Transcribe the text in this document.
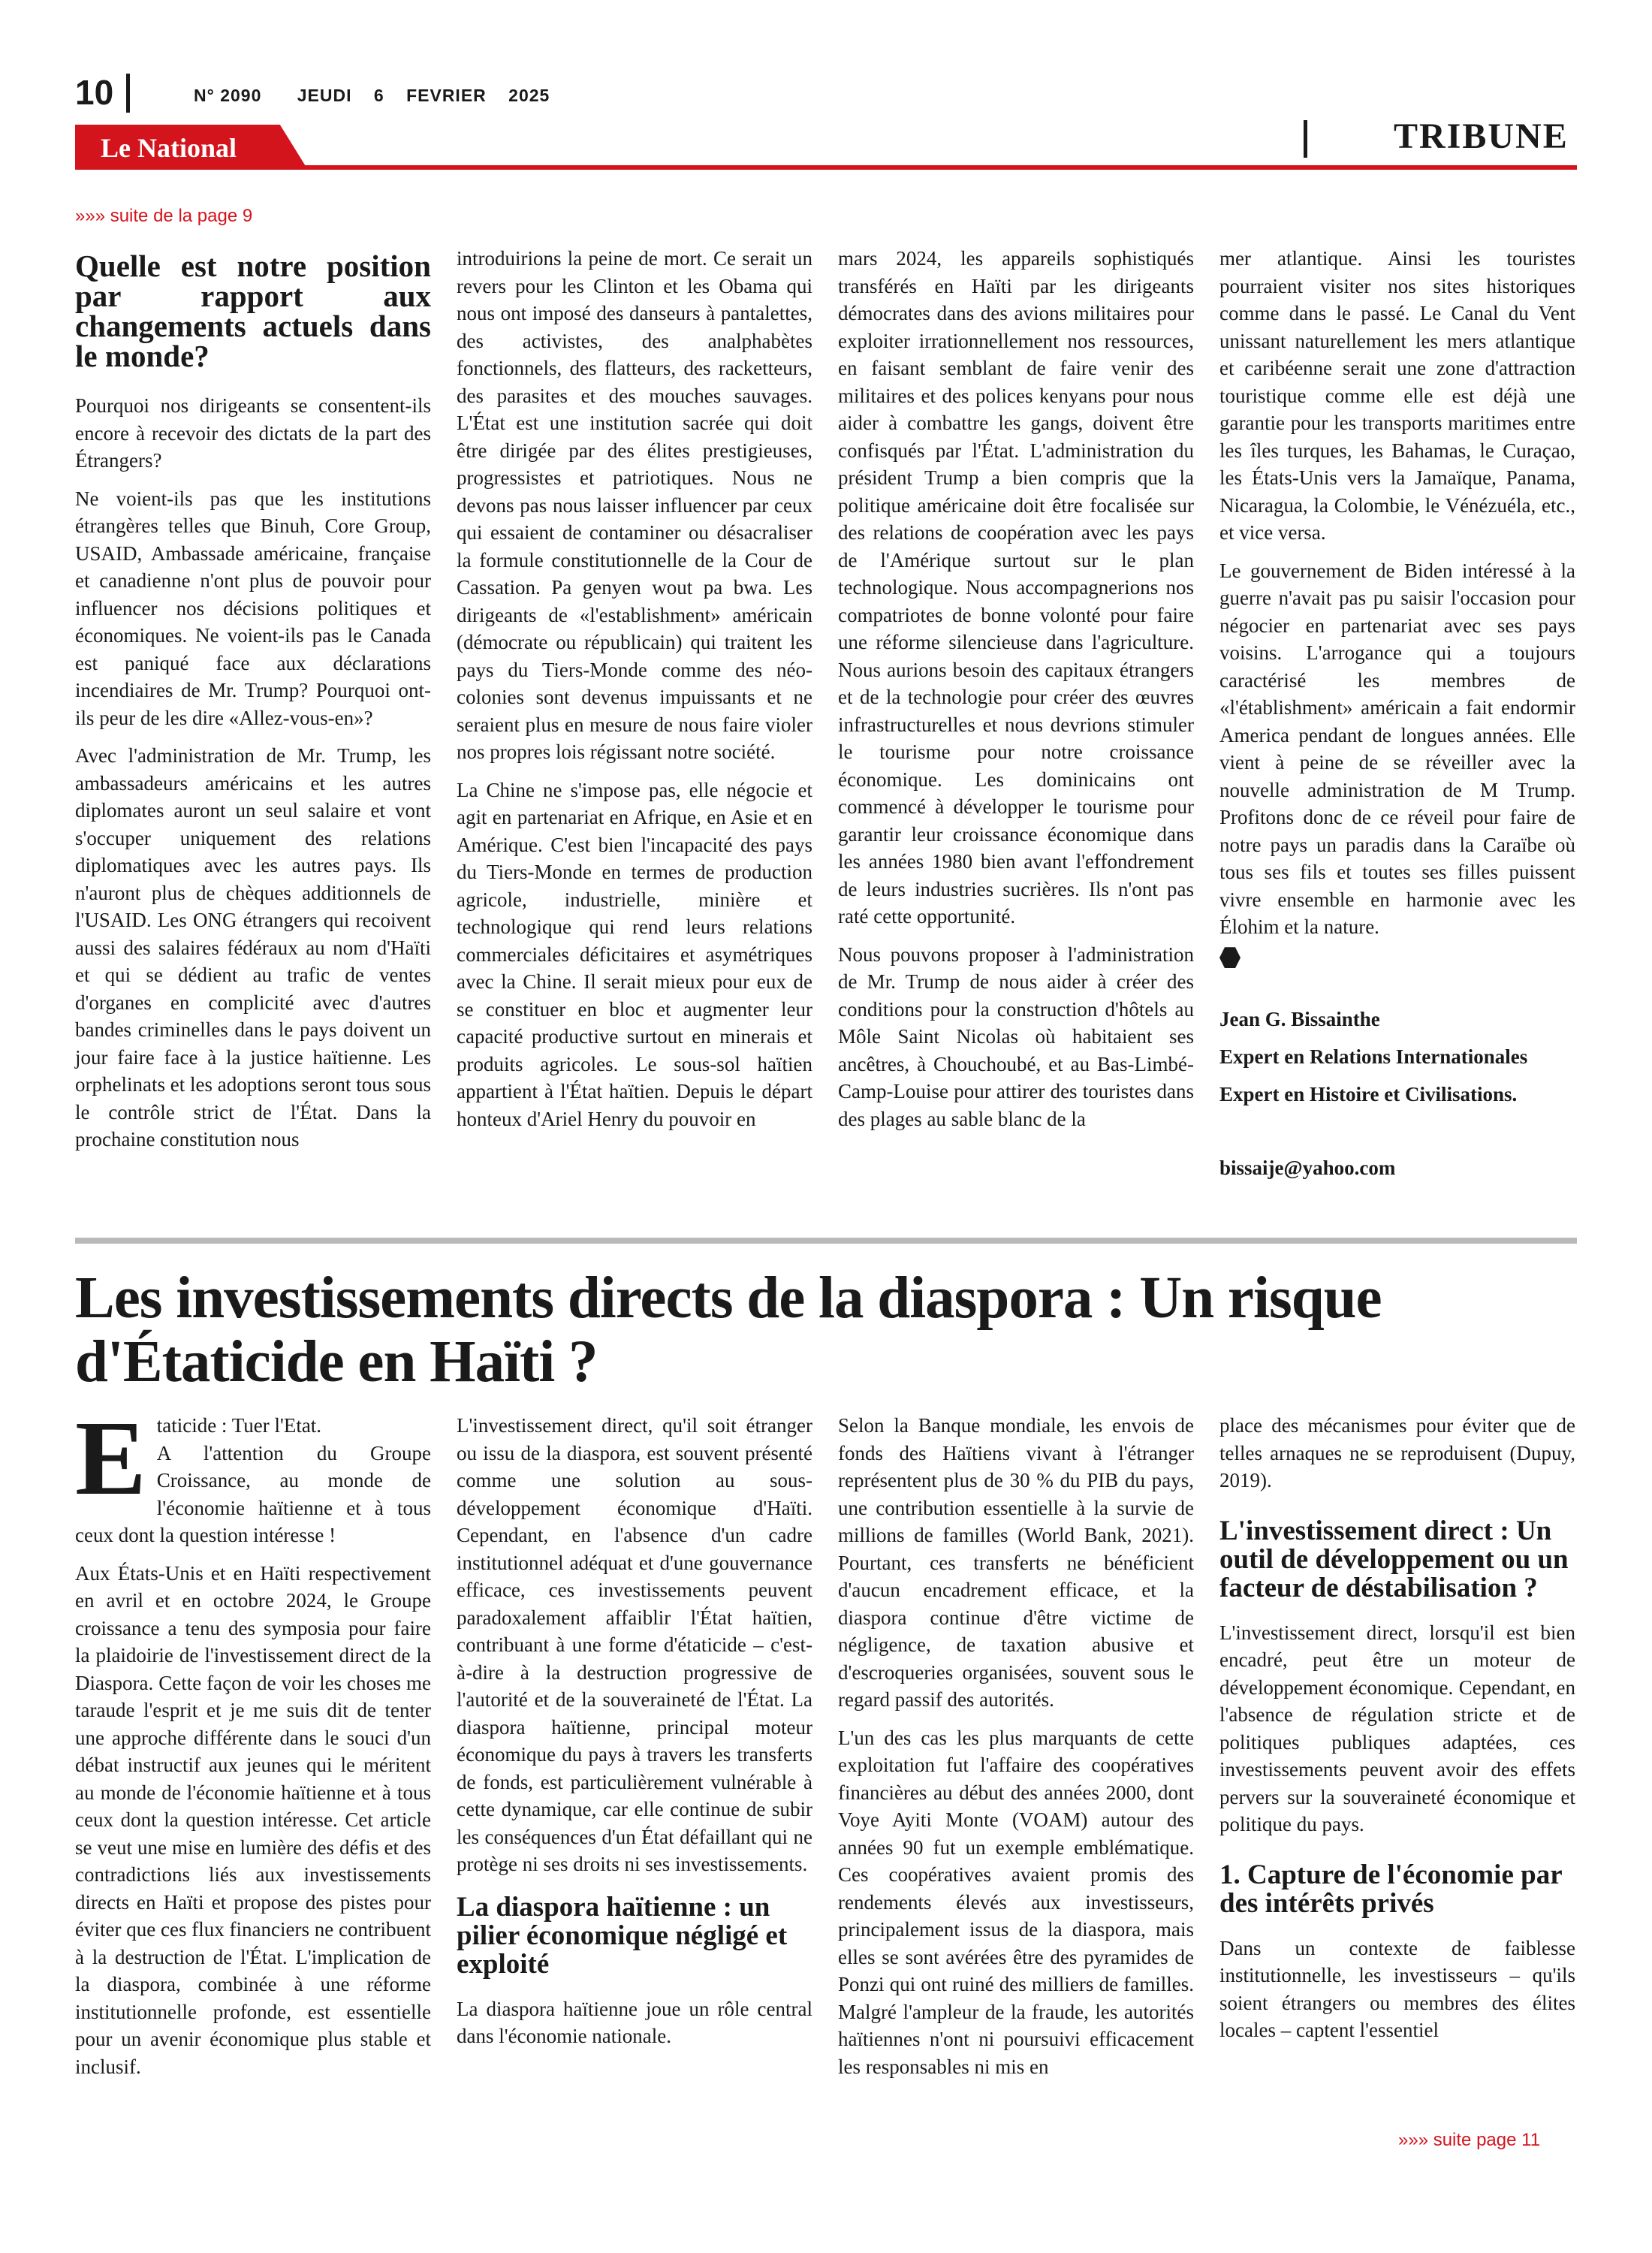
10	N° 2090 JEUDI 6 FEVRIER 2025
Le National	TRIBUNE
»»» suite de la page 9
Quelle est notre position par rapport aux changements actuels dans le monde?

Pourquoi nos dirigeants se consentent-ils encore à recevoir des dictats de la part des Étrangers?

Ne voient-ils pas que les institutions étrangères telles que Binuh, Core Group, USAID, Ambassade américaine, française et canadienne n'ont plus de pouvoir pour influencer nos décisions politiques et économiques. Ne voient-ils pas le Canada est paniqué face aux déclarations incendiaires de Mr. Trump? Pourquoi ont-ils peur de les dire «Allez-vous-en»?

Avec l'administration de Mr. Trump, les ambassadeurs américains et les autres diplomates auront un seul salaire et vont s'occuper uniquement des relations diplomatiques avec les autres pays. Ils n'auront plus de chèques additionnels de l'USAID. Les ONG étrangers qui recoivent aussi des salaires fédéraux au nom d'Haïti et qui se dédient au trafic de ventes d'organes en complicité avec d'autres bandes criminelles dans le pays doivent un jour faire face à la justice haïtienne. Les orphelinats et les adoptions seront tous sous le contrôle strict de l'État. Dans la prochaine constitution nous

introduirions la peine de mort. Ce serait un revers pour les Clinton et les Obama qui nous ont imposé des danseurs à pantalettes, des activistes, des analphabètes fonctionnels, des flatteurs, des racketteurs, des parasites et des mouches sauvages. L'État est une institution sacrée qui doit être dirigée par des élites prestigieuses, progressistes et patriotiques. Nous ne devons pas nous laisser influencer par ceux qui essaient de contaminer ou désacraliser la formule constitutionnelle de la Cour de Cassation. Pa genyen wout pa bwa. Les dirigeants de «l'establishment» américain (démocrate ou républicain) qui traitent les pays du Tiers-Monde comme des néo-colonies sont devenus impuissants et ne seraient plus en mesure de nous faire violer nos propres lois régissant notre société.

La Chine ne s'impose pas, elle négocie et agit en partenariat en Afrique, en Asie et en Amérique. C'est bien l'incapacité des pays du Tiers-Monde en termes de production agricole, industrielle, minière et technologique qui rend leurs relations commerciales déficitaires et asymétriques avec la Chine. Il serait mieux pour eux de se constituer en bloc et augmenter leur capacité productive surtout en minerais et produits agricoles. Le sous-sol haïtien appartient à l'État haïtien. Depuis le départ honteux d'Ariel Henry du pouvoir en

mars 2024, les appareils sophistiqués transférés en Haïti par les dirigeants démocrates dans des avions militaires pour exploiter irrationnellement nos ressources, en faisant semblant de faire venir des militaires et des polices kenyans pour nous aider à combattre les gangs, doivent être confisqués par l'État. L'administration du président Trump a bien compris que la politique américaine doit être focalisée sur des relations de coopération avec les pays de l'Amérique surtout sur le plan technologique. Nous accompagnerions nos compatriotes de bonne volonté pour faire une réforme silencieuse dans l'agriculture. Nous aurions besoin des capitaux étrangers et de la technologie pour créer des œuvres infrastructurelles et nous devrions stimuler le tourisme pour notre croissance économique. Les dominicains ont commencé à développer le tourisme pour garantir leur croissance économique dans les années 1980 bien avant l'effondrement de leurs industries sucrières. Ils n'ont pas raté cette opportunité.

Nous pouvons proposer à l'administration de Mr. Trump de nous aider à créer des conditions pour la construction d'hôtels au Môle Saint Nicolas où habitaient ses ancêtres, à Chouchoubé, et au Bas-Limbé-Camp-Louise pour attirer des touristes dans des plages au sable blanc de la

mer atlantique. Ainsi les touristes pourraient visiter nos sites historiques comme dans le passé. Le Canal du Vent unissant naturellement les mers atlantique et caribéenne serait une zone d'attraction touristique comme elle est déjà une garantie pour les transports maritimes entre les îles turques, les Bahamas, le Curaçao, les États-Unis vers la Jamaïque, Panama, Nicaragua, la Colombie, le Vénézuéla, etc., et vice versa.

Le gouvernement de Biden intéressé à la guerre n'avait pas pu saisir l'occasion pour négocier en partenariat avec ses pays voisins. L'arrogance qui a toujours caractérisé les membres de «l'établishment» américain a fait endormir America pendant de longues années. Elle vient à peine de se réveiller avec la nouvelle administration de M Trump. Profitons donc de ce réveil pour faire de notre pays un paradis dans la Caraïbe où tous ses fils et toutes ses filles puissent vivre ensemble en harmonie avec les Élohim et la nature.

Jean G. Bissainthe

Expert en Relations Internationales

Expert en Histoire et Civilisations.

bissaije@yahoo.com

Les investissements directs de la diaspora : Un risque d'Étaticide en Haïti ?

Etaticide : Tuer l'Etat.
A l'attention du Groupe Croissance, au monde de l'économie haïtienne et à tous ceux dont la question intéresse !

Aux États-Unis et en Haïti respectivement en avril et en octobre 2024, le Groupe croissance a tenu des symposia pour faire la plaidoirie de l'investissement direct de la Diaspora. Cette façon de voir les choses me taraude l'esprit et je me suis dit de tenter une approche différente dans le souci d'un débat instructif aux jeunes qui le méritent au monde de l'économie haïtienne et à tous ceux dont la question intéresse. Cet article se veut une mise en lumière des défis et des contradictions liés aux investissements directs en Haïti et propose des pistes pour éviter que ces flux financiers ne contribuent à la destruction de l'État. L'implication de la diaspora, combinée à une réforme institutionnelle profonde, est essentielle pour un avenir économique plus stable et inclusif.

L'investissement direct, qu'il soit étranger ou issu de la diaspora, est souvent présenté comme une solution au sous-développement économique d'Haïti. Cependant, en l'absence d'un cadre institutionnel adéquat et d'une gouvernance efficace, ces investissements peuvent paradoxalement affaiblir l'État haïtien, contribuant à une forme d'étaticide – c'est-à-dire à la destruction progressive de l'autorité et de la souveraineté de l'État. La diaspora haïtienne, principal moteur économique du pays à travers les transferts de fonds, est particulièrement vulnérable à cette dynamique, car elle continue de subir les conséquences d'un État défaillant qui ne protège ni ses droits ni ses investissements.

La diaspora haïtienne : un pilier économique négligé et exploité

La diaspora haïtienne joue un rôle central dans l'économie nationale.

Selon la Banque mondiale, les envois de fonds des Haïtiens vivant à l'étranger représentent plus de 30 % du PIB du pays, une contribution essentielle à la survie de millions de familles (World Bank, 2021). Pourtant, ces transferts ne bénéficient d'aucun encadrement efficace, et la diaspora continue d'être victime de négligence, de taxation abusive et d'escroqueries organisées, souvent sous le regard passif des autorités.

L'un des cas les plus marquants de cette exploitation fut l'affaire des coopératives financières au début des années 2000, dont Voye Ayiti Monte (VOAM) autour des années 90 fut un exemple emblématique. Ces coopératives avaient promis des rendements élevés aux investisseurs, principalement issus de la diaspora, mais elles se sont avérées être des pyramides de Ponzi qui ont ruiné des milliers de familles. Malgré l'ampleur de la fraude, les autorités haïtiennes n'ont ni poursuivi efficacement les responsables ni mis en

place des mécanismes pour éviter que de telles arnaques ne se reproduisent (Dupuy, 2019).

L'investissement direct : Un outil de développement ou un facteur de déstabilisation ?

L'investissement direct, lorsqu'il est bien encadré, peut être un moteur de développement économique. Cependant, en l'absence de régulation stricte et de politiques publiques adaptées, ces investissements peuvent avoir des effets pervers sur la souveraineté économique et politique du pays.

1. Capture de l'économie par des intérêts privés

Dans un contexte de faiblesse institutionnelle, les investisseurs – qu'ils soient étrangers ou membres des élites locales – captent l'essentiel

»»» suite page 11
